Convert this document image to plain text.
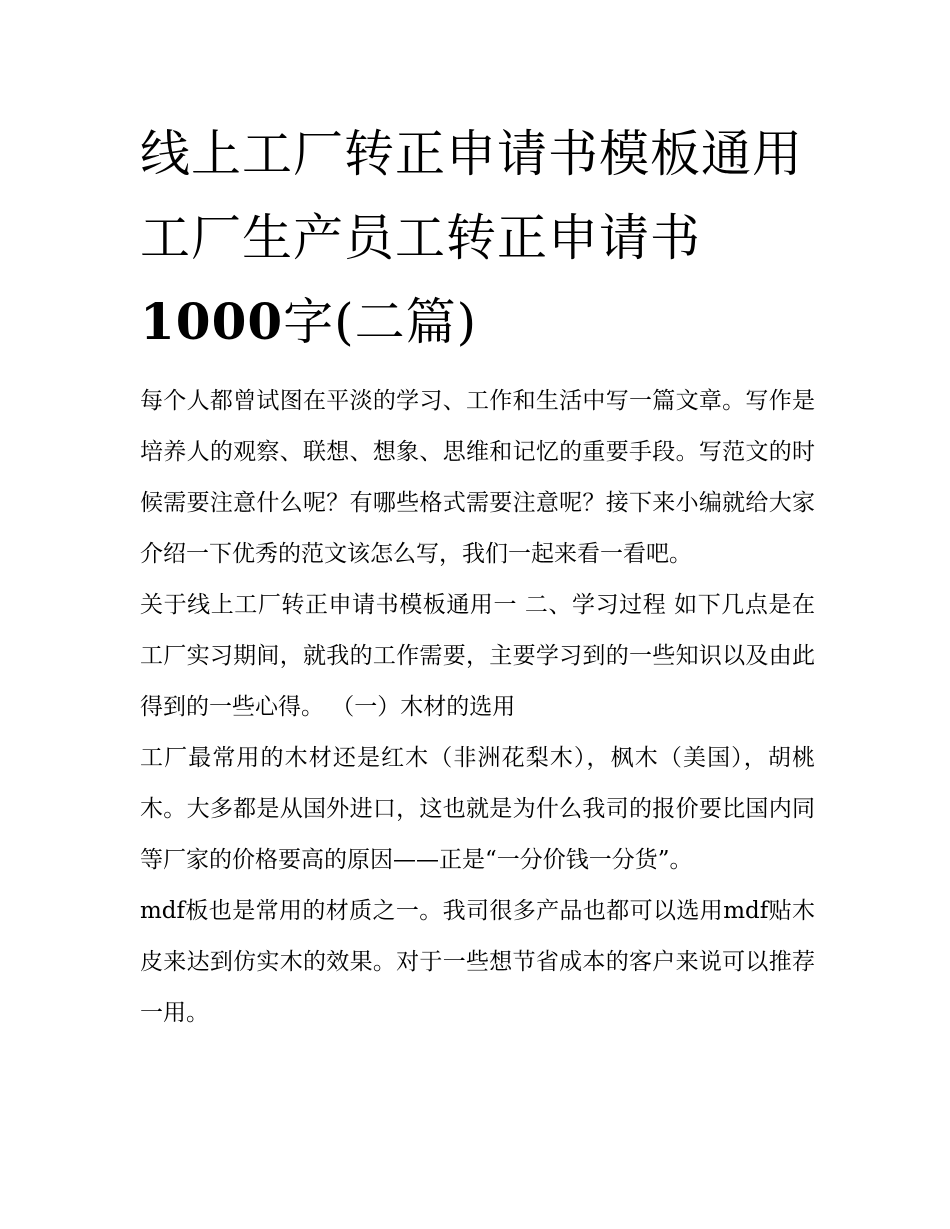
线上工厂转正申请书模板通用工厂生产员工转正申请书1000字(二篇)

每个人都曾试图在平淡的学习、工作和生活中写一篇文章。写作是培养人的观察、联想、想象、思维和记忆的重要手段。写范文的时候需要注意什么呢？有哪些格式需要注意呢？接下来小编就给大家介绍一下优秀的范文该怎么写，我们一起来看一看吧。

关于线上工厂转正申请书模板通用一 二、学习过程 如下几点是在工厂实习期间，就我的工作需要，主要学习到的一些知识以及由此得到的一些心得。 （一）木材的选用

工厂最常用的木材还是红木（非洲花梨木），枫木（美国），胡桃木。大多都是从国外进口，这也就是为什么我司的报价要比国内同等厂家的价格要高的原因——正是“一分价钱一分货”。

mdf板也是常用的材质之一。我司很多产品也都可以选用mdf贴木皮来达到仿实木的效果。对于一些想节省成本的客户来说可以推荐一用。
